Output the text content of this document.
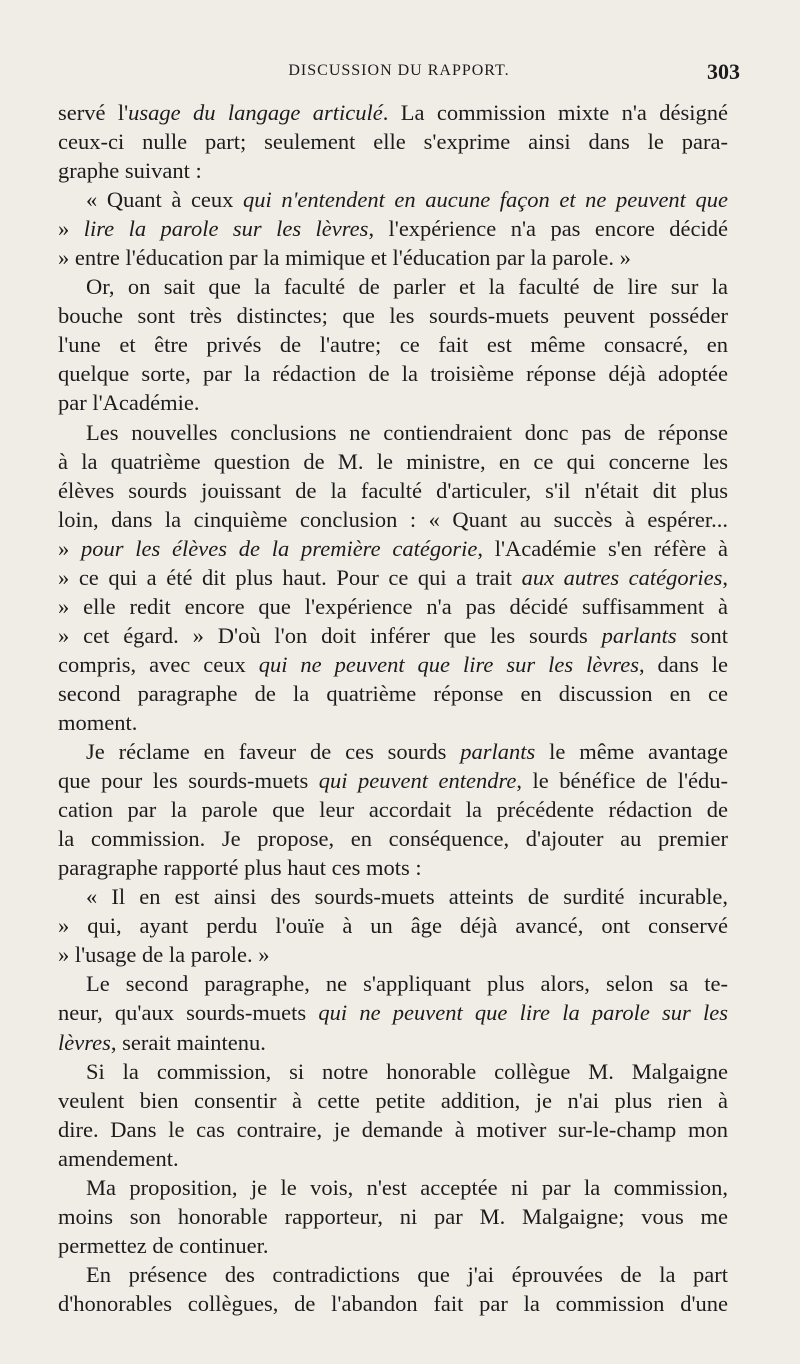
DISCUSSION DU RAPPORT.	303
servé l'usage du langage articulé. La commission mixte n'a désigné
ceux-ci nulle part; seulement elle s'exprime ainsi dans le para-
graphe suivant :
« Quant à ceux qui n'entendent en aucune façon et ne peuvent que
» lire la parole sur les lèvres, l'expérience n'a pas encore décidé
» entre l'éducation par la mimique et l'éducation par la parole. »
Or, on sait que la faculté de parler et la faculté de lire sur la
bouche sont très distinctes; que les sourds-muets peuvent posséder
l'une et être privés de l'autre; ce fait est même consacré, en
quelque sorte, par la rédaction de la troisième réponse déjà adoptée
par l'Académie.
Les nouvelles conclusions ne contiendraient donc pas de réponse
à la quatrième question de M. le ministre, en ce qui concerne les
élèves sourds jouissant de la faculté d'articuler, s'il n'était dit plus
loin, dans la cinquième conclusion : « Quant au succès à espérer...
» pour les élèves de la première catégorie, l'Académie s'en réfère à
» ce qui a été dit plus haut. Pour ce qui a trait aux autres catégories,
» elle redit encore que l'expérience n'a pas décidé suffisamment à
» cet égard. » D'où l'on doit inférer que les sourds parlants sont
compris, avec ceux qui ne peuvent que lire sur les lèvres, dans le
second paragraphe de la quatrième réponse en discussion en ce
moment.
Je réclame en faveur de ces sourds parlants le même avantage
que pour les sourds-muets qui peuvent entendre, le bénéfice de l'édu-
cation par la parole que leur accordait la précédente rédaction de
la commission. Je propose, en conséquence, d'ajouter au premier
paragraphe rapporté plus haut ces mots :
« Il en est ainsi des sourds-muets atteints de surdité incurable,
» qui, ayant perdu l'ouïe à un âge déjà avancé, ont conservé
» l'usage de la parole. »
Le second paragraphe, ne s'appliquant plus alors, selon sa te-
neur, qu'aux sourds-muets qui ne peuvent que lire la parole sur les
lèvres, serait maintenu.
Si la commission, si notre honorable collègue M. Malgaigne
veulent bien consentir à cette petite addition, je n'ai plus rien à
dire. Dans le cas contraire, je demande à motiver sur-le-champ mon
amendement.
Ma proposition, je le vois, n'est acceptée ni par la commission,
moins son honorable rapporteur, ni par M. Malgaigne; vous me
permettez de continuer.
En présence des contradictions que j'ai éprouvées de la part
d'honorables collègues, de l'abandon fait par la commission d'une
